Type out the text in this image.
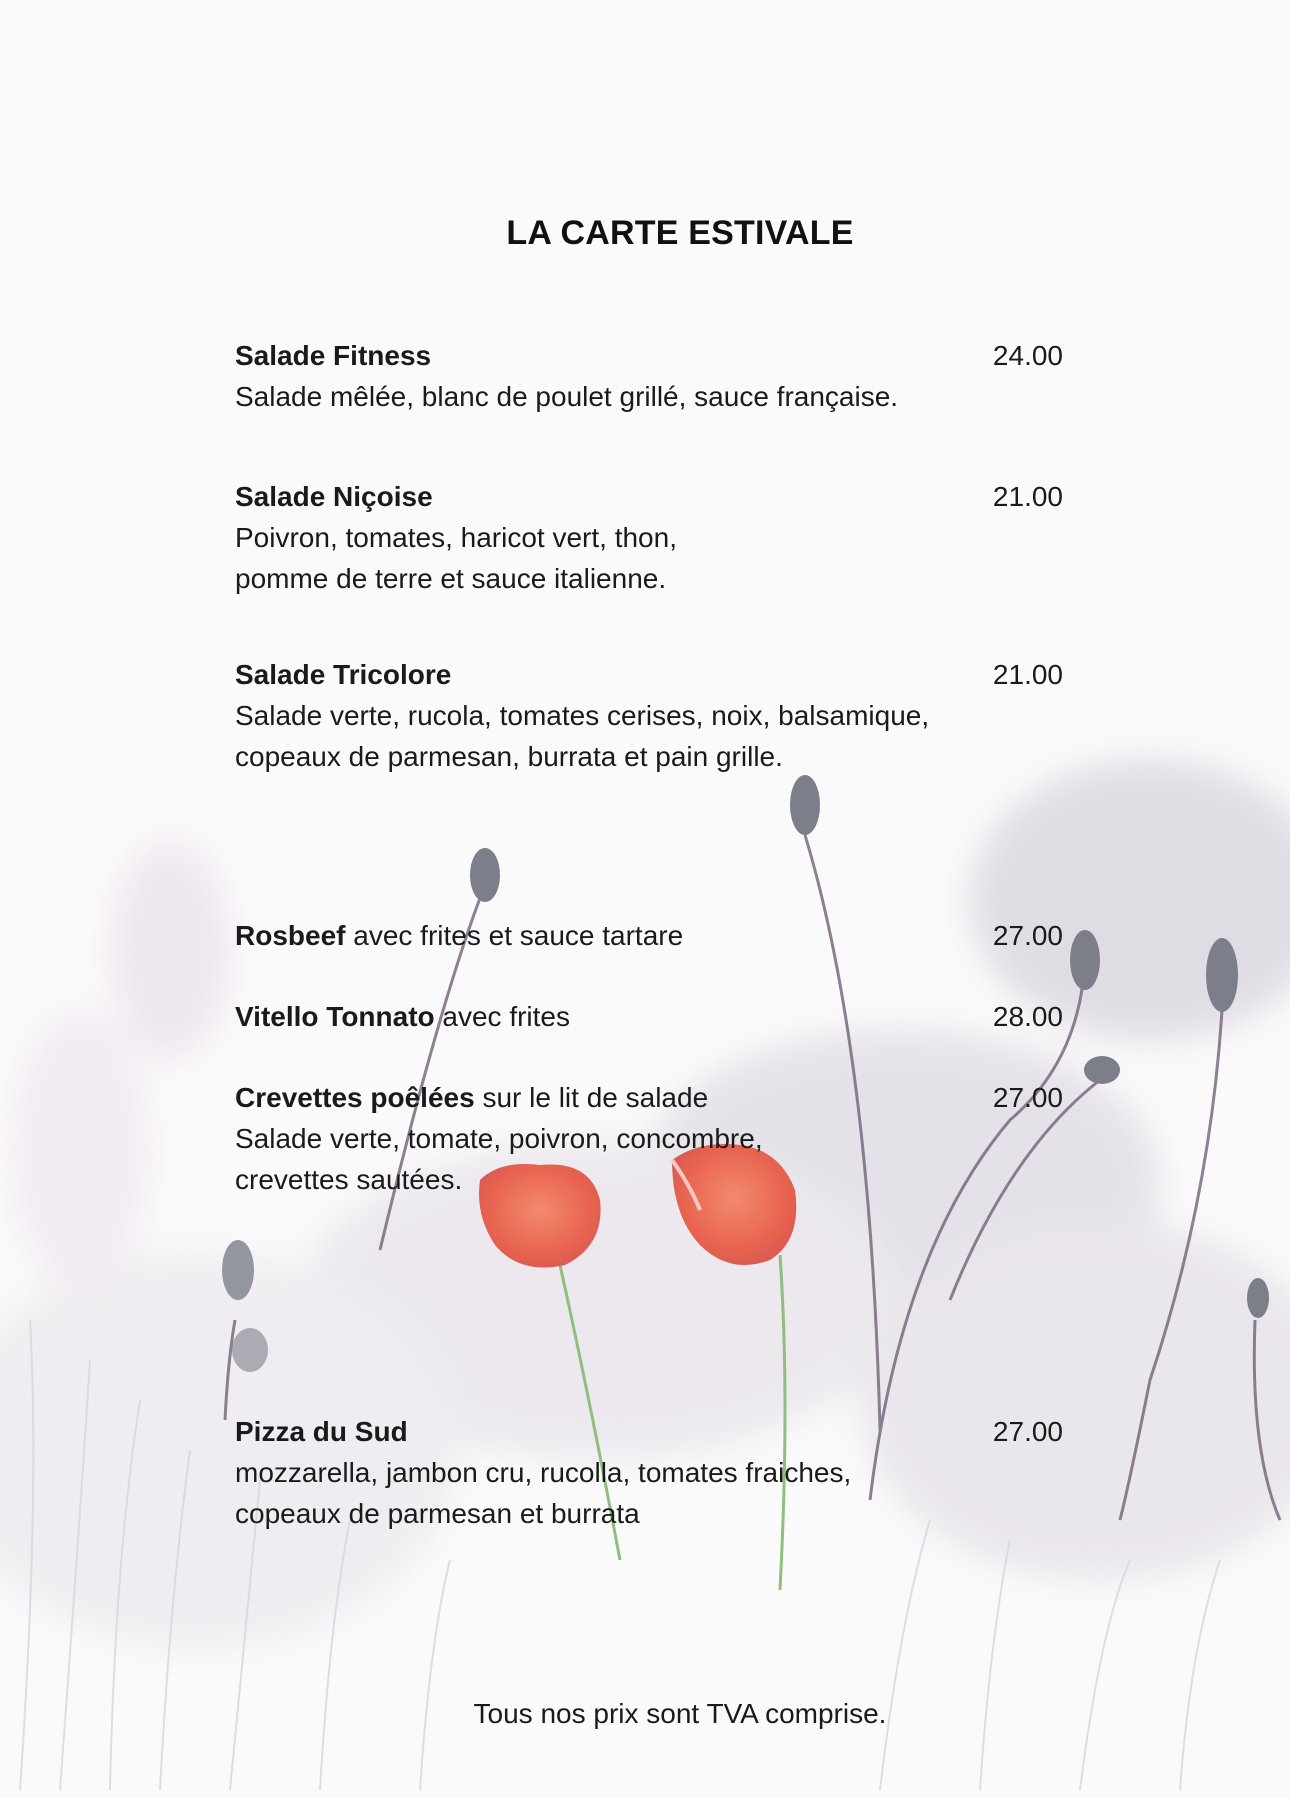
LA CARTE ESTIVALE
Salade Fitness
Salade mêlée, blanc de poulet grillé, sauce française.
24.00
Salade Niçoise
Poivron, tomates, haricot vert, thon,
pomme de terre et sauce italienne.
21.00
Salade Tricolore
Salade verte, rucola, tomates cerises, noix, balsamique,
copeaux de parmesan, burrata et pain grille.
21.00
Rosbeef avec frites et sauce tartare	27.00
Vitello Tonnato avec frites	28.00
Crevettes poêlées sur le lit de salade
Salade verte, tomate, poivron, concombre,
crevettes sautées.
27.00
Pizza du Sud
mozzarella, jambon cru, rucolla, tomates fraiches,
copeaux de parmesan et burrata
27.00
Tous nos prix sont TVA comprise.
